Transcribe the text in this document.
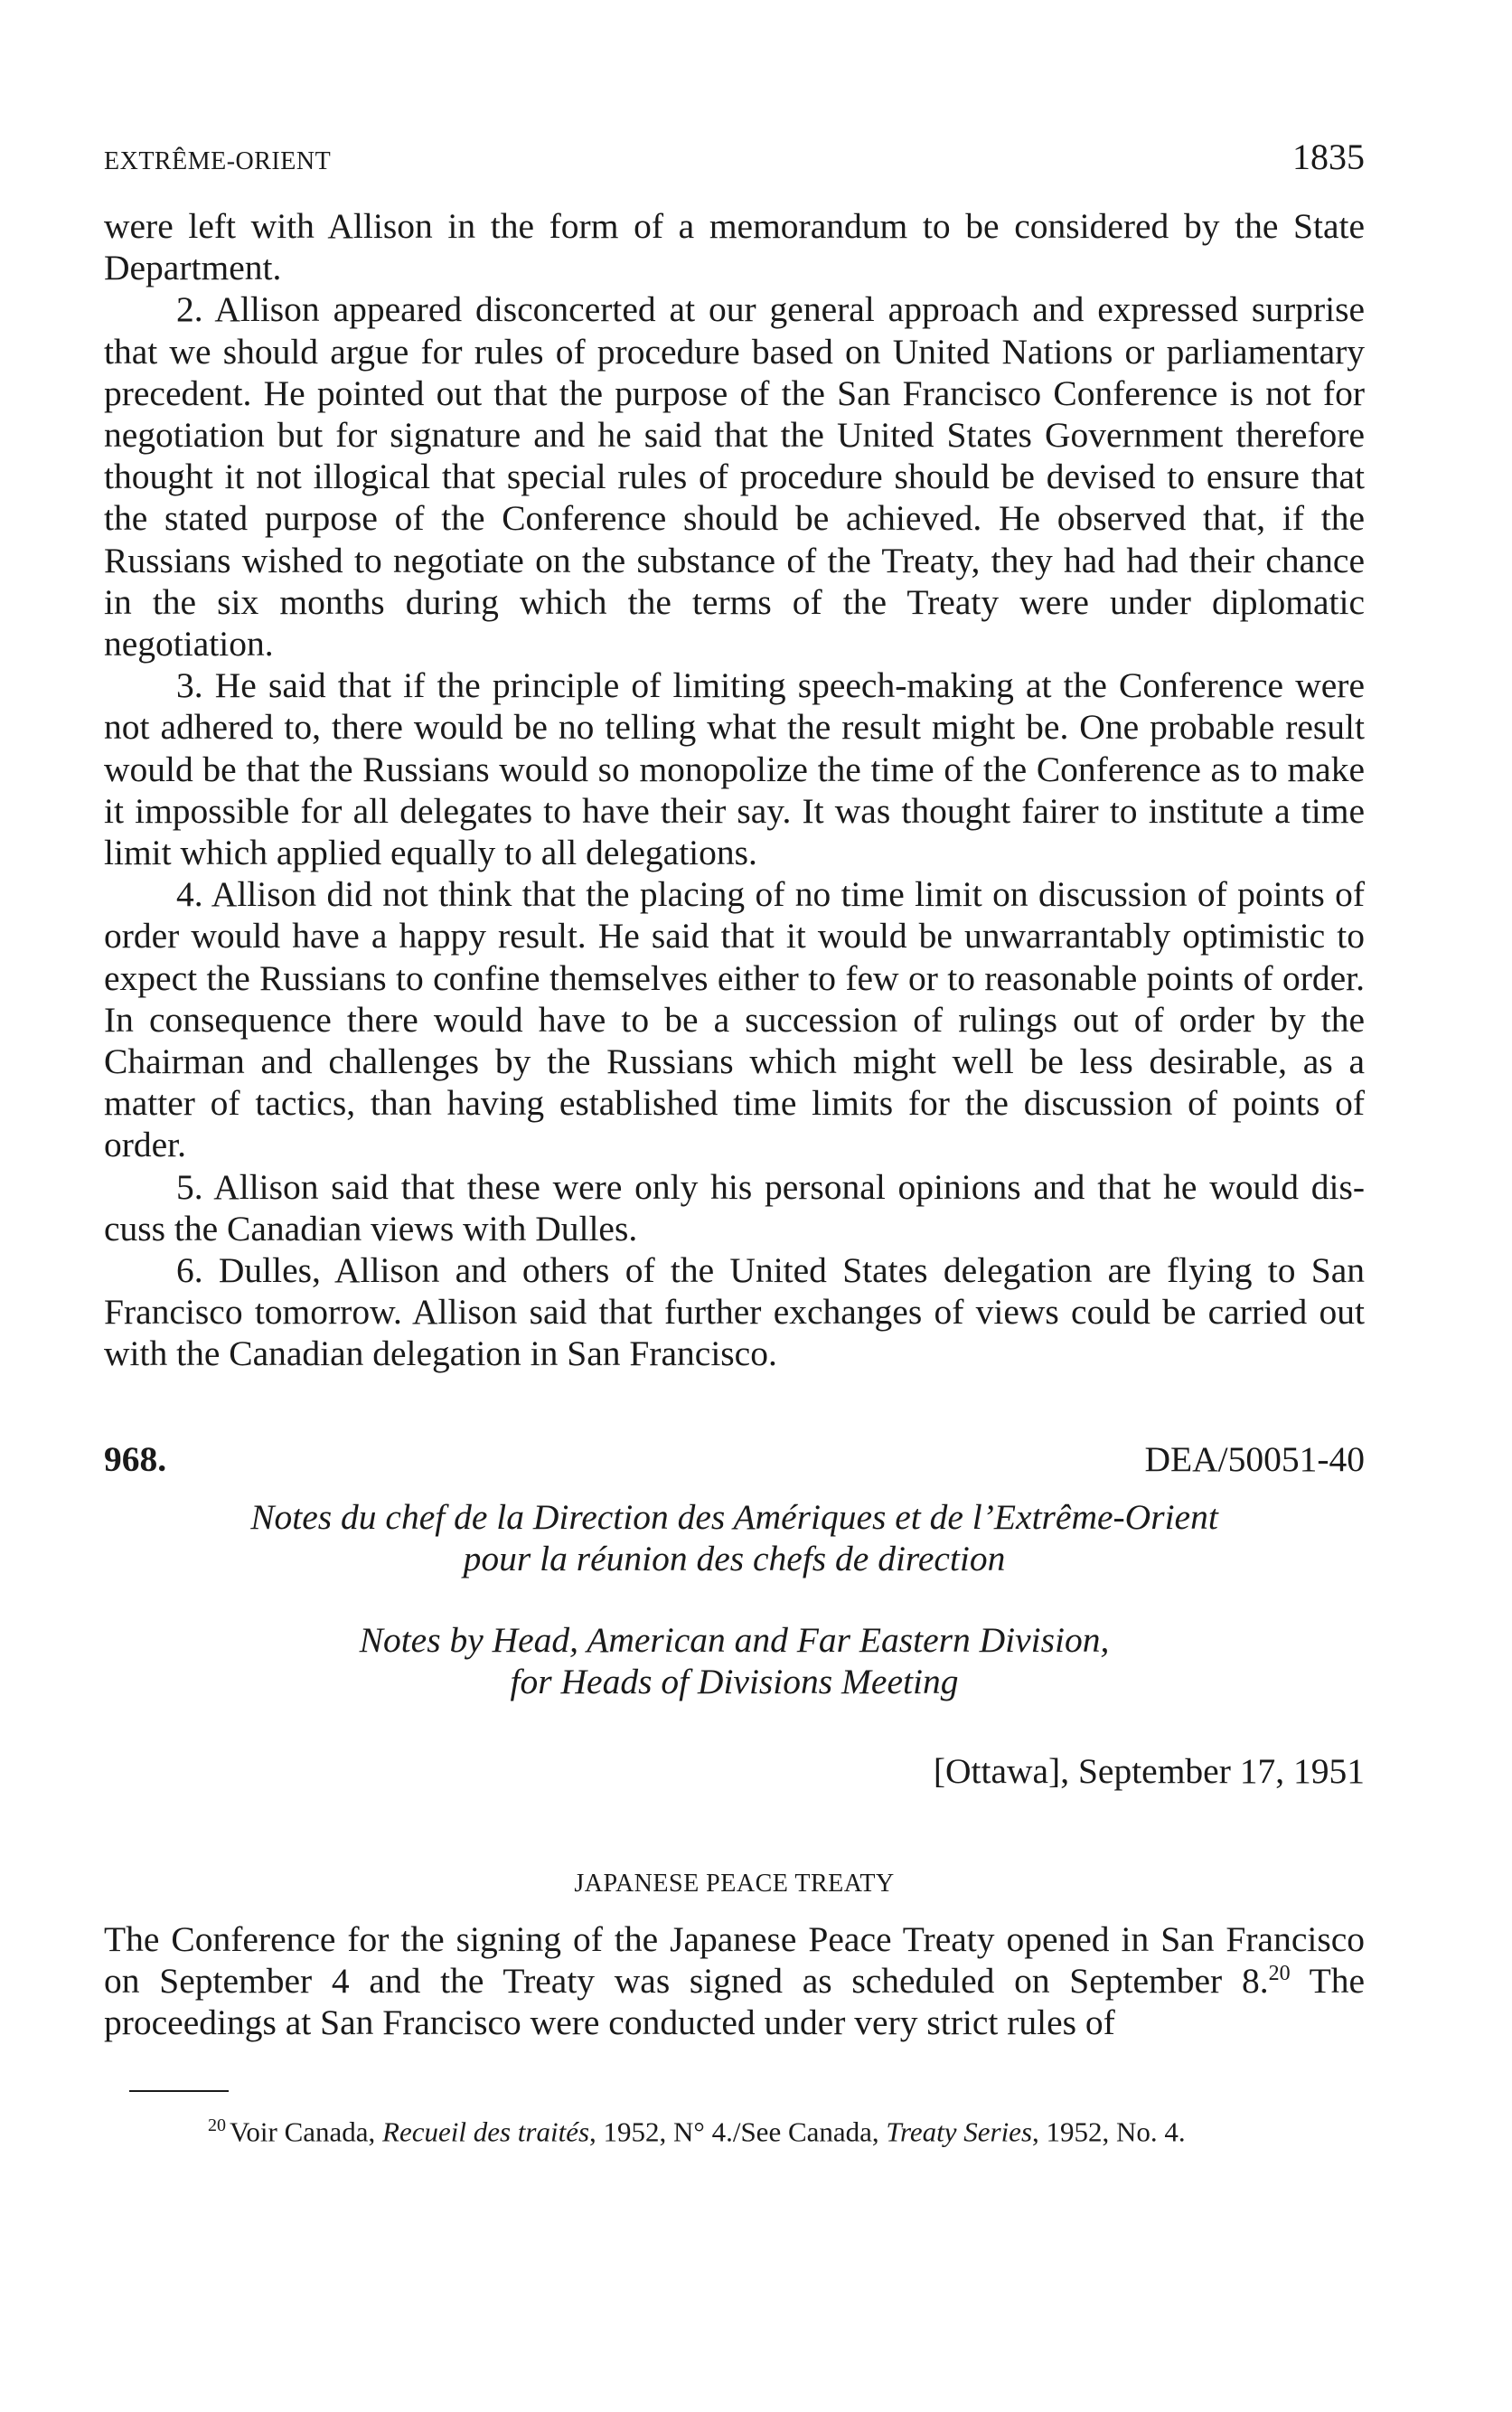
EXTRÊME-ORIENT	1835

were left with Allison in the form of a memorandum to be considered by the State Department.

2. Allison appeared disconcerted at our general approach and expressed surprise that we should argue for rules of procedure based on United Nations or parliamentary precedent. He pointed out that the purpose of the San Francisco Conference is not for negotiation but for signature and he said that the United States Government therefore thought it not illogical that special rules of procedure should be devised to ensure that the stated purpose of the Conference should be achieved. He observed that, if the Russians wished to negotiate on the substance of the Treaty, they had had their chance in the six months during which the terms of the Treaty were under diplomatic negotiation.

3. He said that if the principle of limiting speech-making at the Conference were not adhered to, there would be no telling what the result might be. One probable result would be that the Russians would so monopolize the time of the Conference as to make it impossible for all delegates to have their say. It was thought fairer to institute a time limit which applied equally to all delegations.

4. Allison did not think that the placing of no time limit on discussion of points of order would have a happy result. He said that it would be unwarrantably optimistic to expect the Russians to confine themselves either to few or to reasonable points of order. In consequence there would have to be a succession of rulings out of order by the Chairman and challenges by the Russians which might well be less desirable, as a matter of tactics, than having established time limits for the discussion of points of order.

5. Allison said that these were only his personal opinions and that he would discuss the Canadian views with Dulles.

6. Dulles, Allison and others of the United States delegation are flying to San Francisco tomorrow. Allison said that further exchanges of views could be carried out with the Canadian delegation in San Francisco.

968.	DEA/50051-40
Notes du chef de la Direction des Amériques et de l’Extrême-Orient
pour la réunion des chefs de direction
Notes by Head, American and Far Eastern Division,
for Heads of Divisions Meeting
[Ottawa], September 17, 1951
JAPANESE PEACE TREATY

The Conference for the signing of the Japanese Peace Treaty opened in San Francisco on September 4 and the Treaty was signed as scheduled on September 8.20 The proceedings at San Francisco were conducted under very strict rules of

$^{20}$ Voir Canada, Recueil des traités, 1952, N° 4./See Canada, Treaty Series, 1952, No. 4.
